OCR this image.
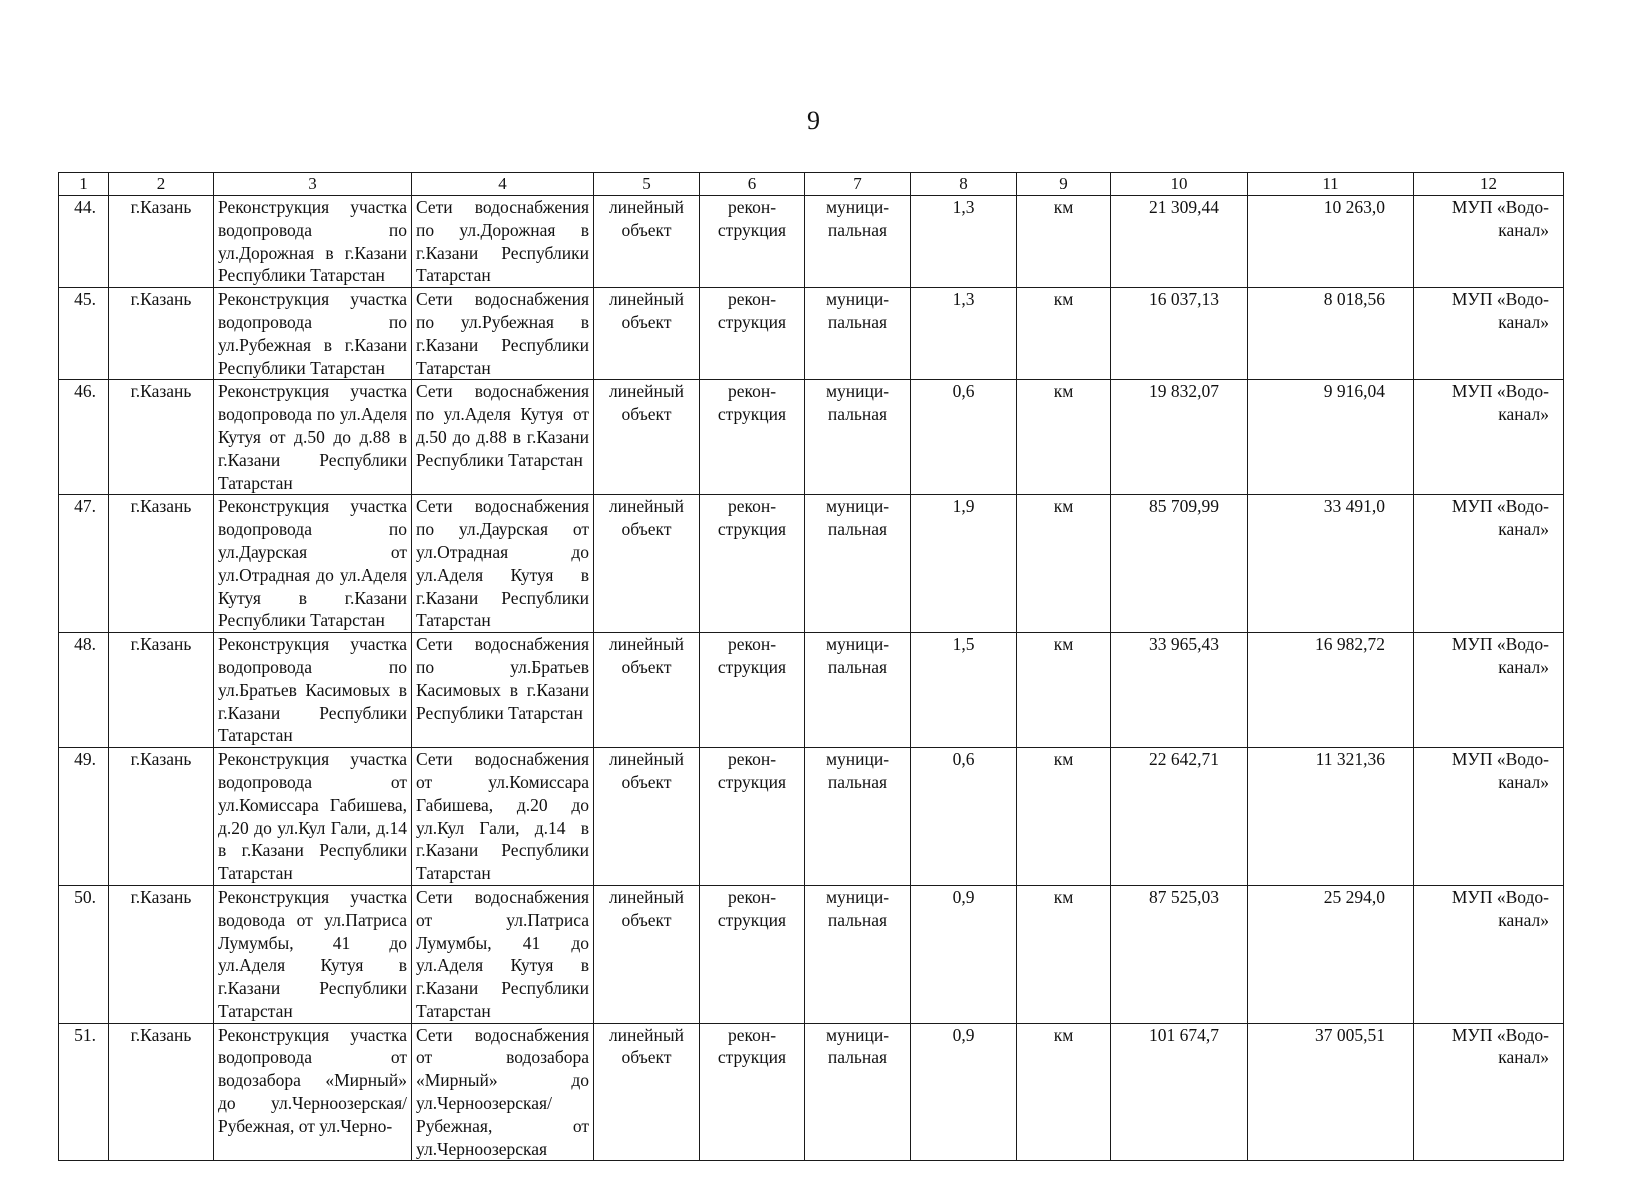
9
1	2	3	4	5	6	7	8	9	10	11	12
44.	г.Казань	Реконструкция участка водопровода по ул.Дорожная в г.Казани Республики Татарстан	Сети водоснабжения по ул.Дорожная в г.Казани Республики Татарстан	линейный объект	рекон- струкция	муници- пальная	1,3	км	21 309,44	10 263,0	МУП «Водо- канал»
45.	г.Казань	Реконструкция участка водопровода по ул.Рубежная в г.Казани Республики Татарстан	Сети водоснабжения по ул.Рубежная в г.Казани Республики Татарстан	линейный объект	рекон- струкция	муници- пальная	1,3	км	16 037,13	8 018,56	МУП «Водо- канал»
46.	г.Казань	Реконструкция участка водопровода по ул.Аделя Кутуя от д.50 до д.88 в г.Казани Республики Татарстан	Сети водоснабжения по ул.Аделя Кутуя от д.50 до д.88 в г.Казани Республики Татарстан	линейный объект	рекон- струкция	муници- пальная	0,6	км	19 832,07	9 916,04	МУП «Водо- канал»
47.	г.Казань	Реконструкция участка водопровода по ул.Даурская от ул.Отрадная до ул.Аделя Кутуя в г.Казани Республики Татарстан	Сети водоснабжения по ул.Даурская от ул.Отрадная до ул.Аделя Кутуя в г.Казани Республики Татарстан	линейный объект	рекон- струкция	муници- пальная	1,9	км	85 709,99	33 491,0	МУП «Водо- канал»
48.	г.Казань	Реконструкция участка водопровода по ул.Братьев Касимовых в г.Казани Республики Татарстан	Сети водоснабжения по ул.Братьев Касимовых в г.Казани Республики Татарстан	линейный объект	рекон- струкция	муници- пальная	1,5	км	33 965,43	16 982,72	МУП «Водо- канал»
49.	г.Казань	Реконструкция участка водопровода от ул.Комиссара Габишева, д.20 до ул.Кул Гали, д.14 в г.Казани Республики Татарстан	Сети водоснабжения от ул.Комиссара Габишева, д.20 до ул.Кул Гали, д.14 в г.Казани Республики Татарстан	линейный объект	рекон- струкция	муници- пальная	0,6	км	22 642,71	11 321,36	МУП «Водо- канал»
50.	г.Казань	Реконструкция участка водовода от ул.Патриса Лумумбы, 41 до ул.Аделя Кутуя в г.Казани Республики Татарстан	Сети водоснабжения от ул.Патриса Лумумбы, 41 до ул.Аделя Кутуя в г.Казани Республики Татарстан	линейный объект	рекон- струкция	муници- пальная	0,9	км	87 525,03	25 294,0	МУП «Водо- канал»
51.	г.Казань	Реконструкция участка водопровода от водозабора «Мирный» до ул.Черноозерская/Рубежная, от ул.Черно-	Сети водоснабжения от водозабора «Мирный» до ул.Черноозерская/Рубежная, от ул.Черноозерская	линейный объект	рекон- струкция	муници- пальная	0,9	км	101 674,7	37 005,51	МУП «Водо- канал»
